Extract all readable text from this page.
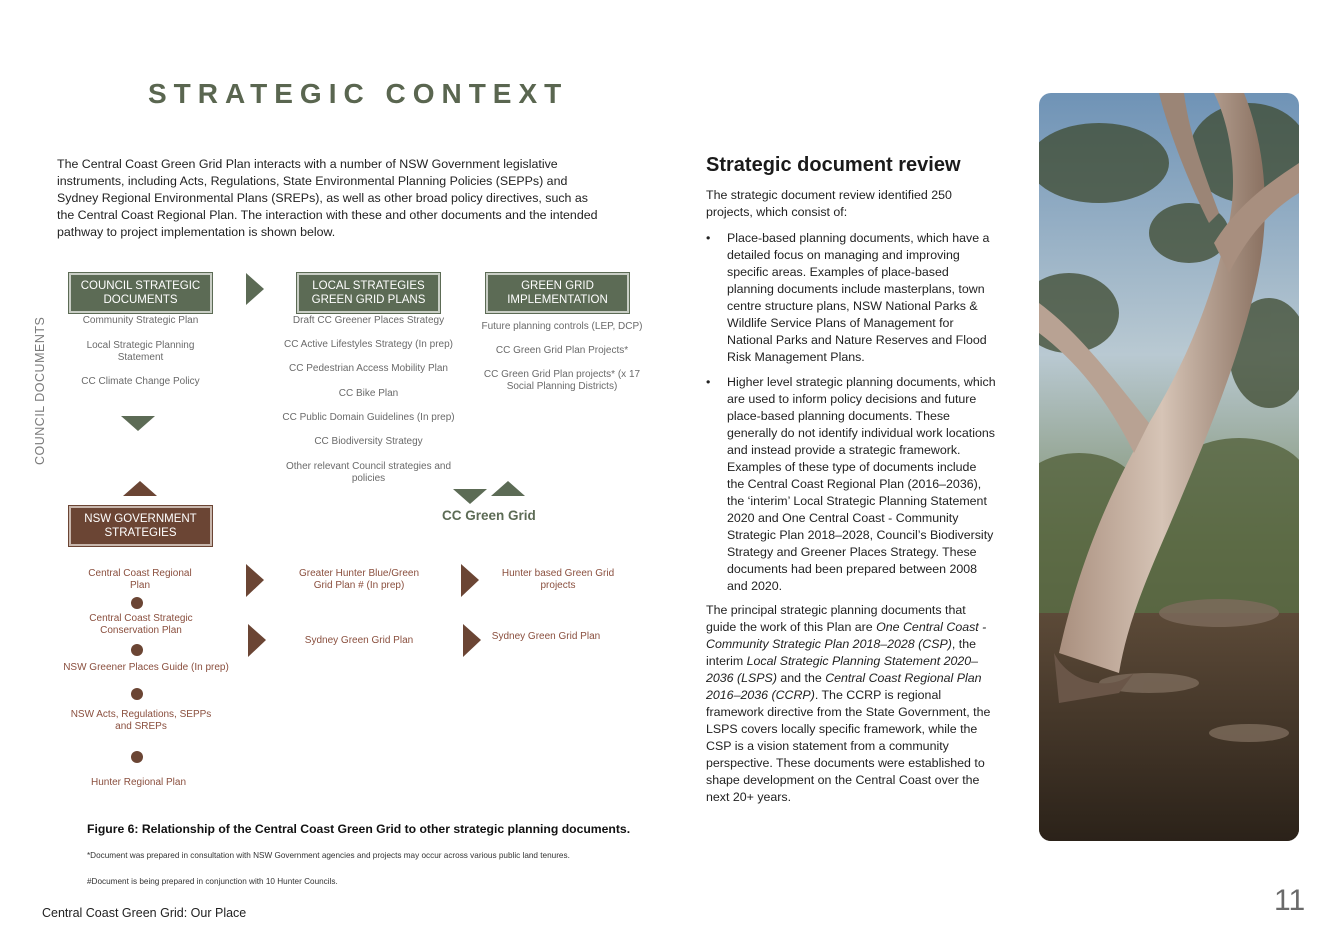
STRATEGIC CONTEXT
The Central Coast Green Grid Plan interacts with a number of NSW Government legislative instruments, including Acts, Regulations, State Environmental Planning Policies (SEPPs) and Sydney Regional Environmental Plans (SREPs), as well as other broad policy directives, such as the Central Coast Regional Plan. The interaction with these and other documents and the intended pathway to project implementation is shown below.
COUNCIL DOCUMENTS
COUNCIL STRATEGIC DOCUMENTS
LOCAL STRATEGIES GREEN GRID PLANS
GREEN GRID IMPLEMENTATION
NSW GOVERNMENT STRATEGIES
Community Strategic Plan
Local Strategic Planning Statement
CC Climate Change Policy
Draft CC Greener Places Strategy
CC Active Lifestyles Strategy (In prep)
CC Pedestrian Access Mobility Plan
CC Bike Plan
CC Public Domain Guidelines (In prep)
CC Biodiversity Strategy
Other relevant Council strategies and policies
Future planning controls (LEP, DCP)
CC Green Grid Plan Projects*
CC Green Grid Plan projects* (x 17 Social Planning Districts)
CC Green Grid
Central Coast Regional Plan
Central Coast Strategic Conservation Plan
NSW Greener Places Guide (In prep)
NSW Acts, Regulations, SEPPs and SREPs
Hunter Regional Plan
Greater Hunter Blue/Green Grid Plan # (In prep)
Sydney Green Grid Plan
Hunter based Green Grid projects
Sydney Green Grid Plan
Figure 6: Relationship of the Central Coast Green Grid to other strategic planning documents.
*Document was prepared in consultation with NSW Government agencies and projects may occur across various public land tenures.
#Document is being prepared in conjunction with 10 Hunter Councils.
Strategic document review
The strategic document review identified 250 projects, which consist of:
• Place-based planning documents, which have a detailed focus on managing and improving specific areas. Examples of place-based planning documents include masterplans, town centre structure plans, NSW National Parks & Wildlife Service Plans of Management for National Parks and Nature Reserves and Flood Risk Management Plans.
• Higher level strategic planning documents, which are used to inform policy decisions and future place-based planning documents. These generally do not identify individual work locations and instead provide a strategic framework. Examples of these type of documents include the Central Coast Regional Plan (2016–2036), the ‘interim’ Local Strategic Planning Statement 2020 and One Central Coast - Community Strategic Plan 2018–2028, Council’s Biodiversity Strategy and Greener Places Strategy. These documents had been prepared between 2008 and 2020.
The principal strategic planning documents that guide the work of this Plan are One Central Coast - Community Strategic Plan 2018–2028 (CSP), the interim Local Strategic Planning Statement 2020–2036 (LSPS) and the Central Coast Regional Plan 2016–2036 (CCRP). The CCRP is regional framework directive from the State Government, the LSPS covers locally specific framework, while the CSP is a vision statement from a community perspective. These documents were established to shape development on the Central Coast over the next 20+ years.
Central Coast Green Grid: Our Place	11
